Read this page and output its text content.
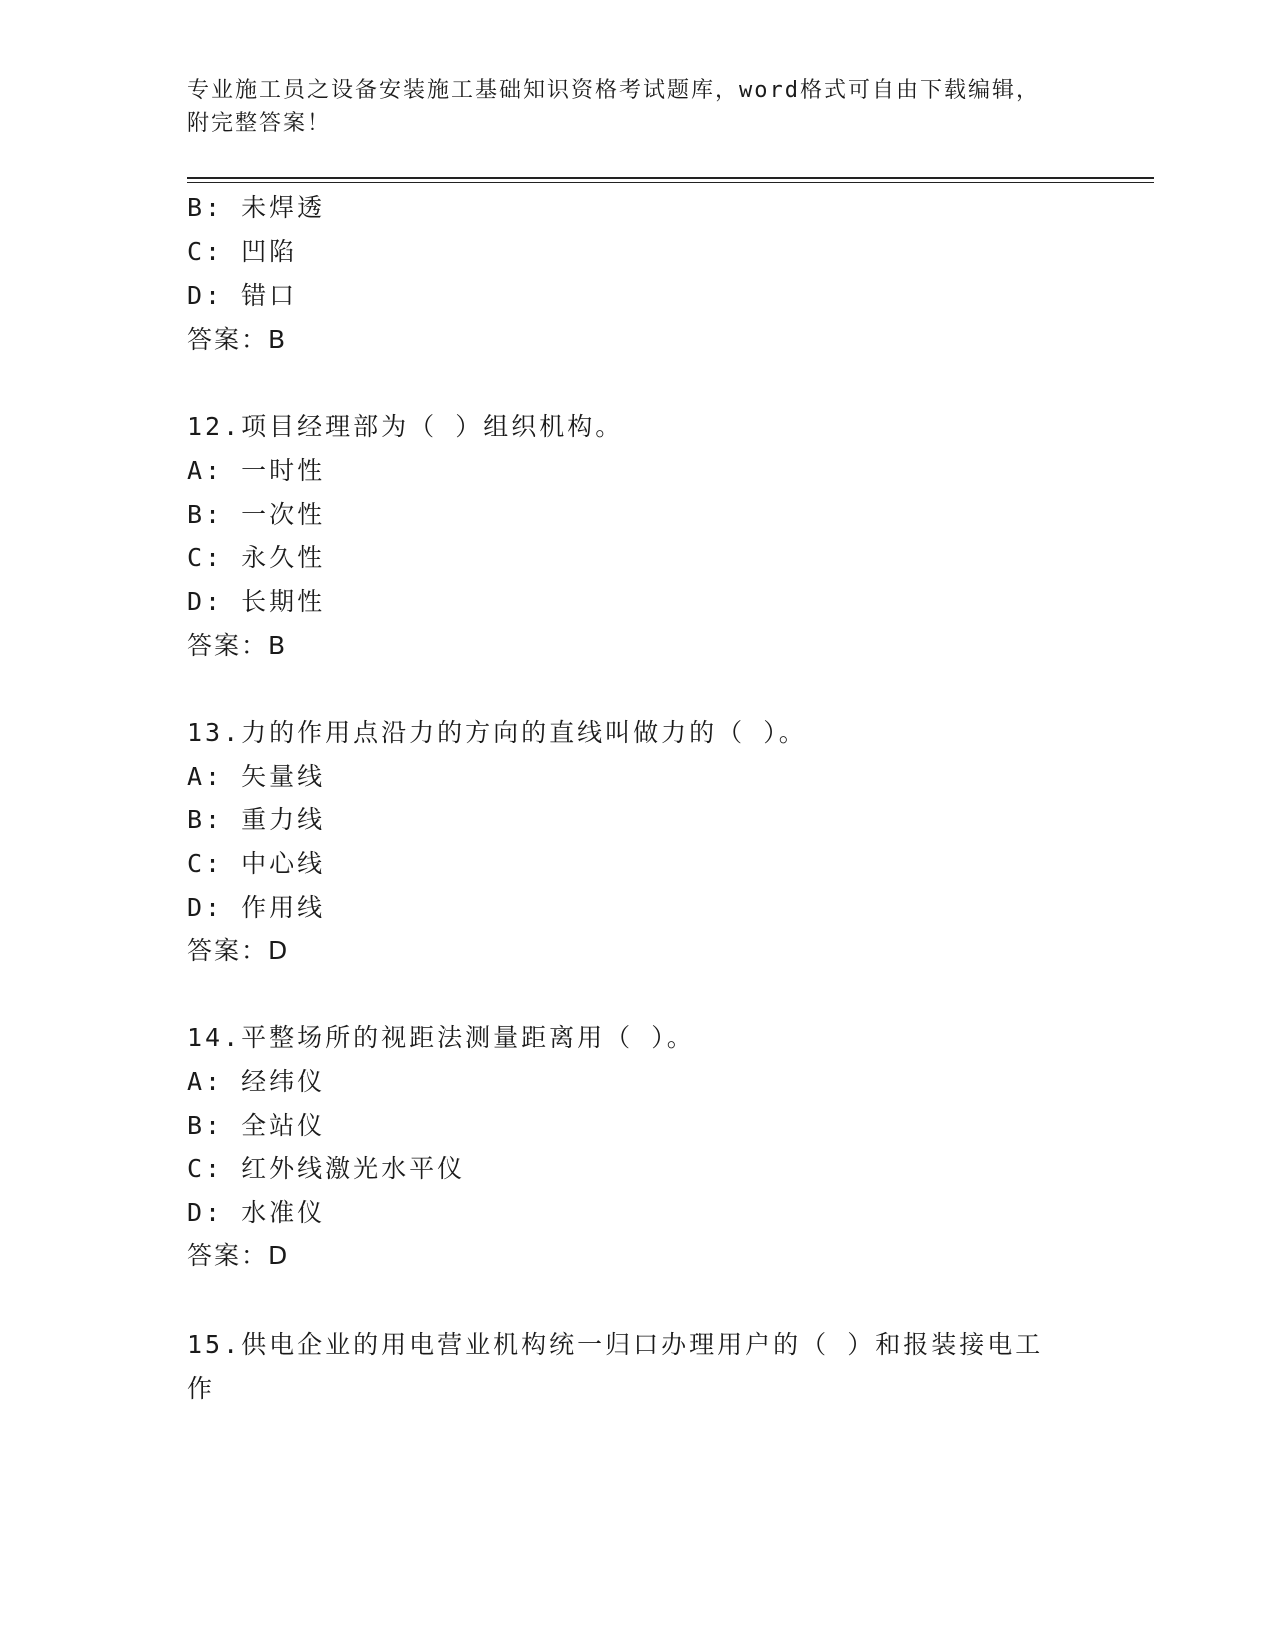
专业施工员之设备安装施工基础知识资格考试题库，word格式可自由下载编辑，
附完整答案！
B: 未焊透
C: 凹陷
D: 错口
答案：B
12.项目经理部为（ ）组织机构。
A: 一时性
B: 一次性
C: 永久性
D: 长期性
答案：B
13.力的作用点沿力的方向的直线叫做力的（ ）。
A: 矢量线
B: 重力线
C: 中心线
D: 作用线
答案：D
14.平整场所的视距法测量距离用（ ）。
A: 经纬仪
B: 全站仪
C: 红外线激光水平仪
D: 水准仪
答案：D
15.供电企业的用电营业机构统一归口办理用户的（ ）和报装接电工
作
